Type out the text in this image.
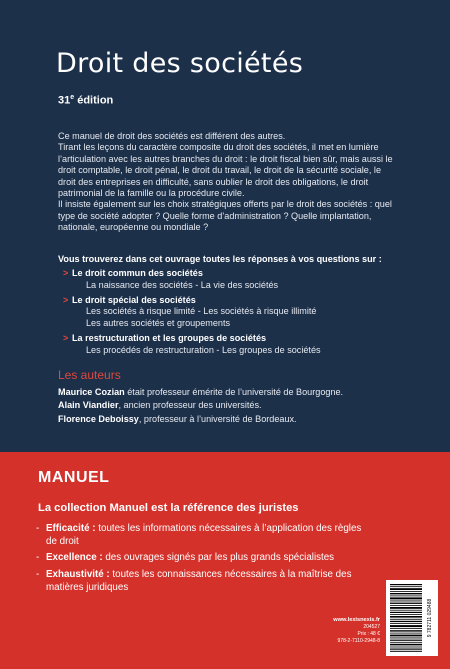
Droit des sociétés
31e édition

Ce manuel de droit des sociétés est différent des autres.

Tirant les leçons du caractère composite du droit des sociétés, il met en lumière l’articulation avec les autres branches du droit : le droit fiscal bien sûr, mais aussi le droit comptable, le droit pénal, le droit du travail, le droit de la sécurité sociale, le droit des entreprises en difficulté, sans oublier le droit des obligations, le droit patrimonial de la famille ou la procédure civile.

Il insiste également sur les choix stratégiques offerts par le droit des sociétés : quel type de société adopter ? Quelle forme d’administration ? Quelle implantation, nationale, européenne ou mondiale ?

Vous trouverez dans cet ouvrage toutes les réponses à vos questions sur :
> Le droit commun des sociétés
La naissance des sociétés - La vie des sociétés
> Le droit spécial des sociétés
Les sociétés à risque limité - Les sociétés à risque illimité
Les autres sociétés et groupements
> La restructuration et les groupes de sociétés
Les procédés de restructuration - Les groupes de sociétés
Les auteurs
Maurice Cozian était professeur émérite de l’université de Bourgogne.
Alain Viandier, ancien professeur des universités.
Florence Deboissy, professeur à l’université de Bordeaux.
MANUEL
La collection Manuel est la référence des juristes
- Efficacité : toutes les informations nécessaires à l’application des règles de droit
- Excellence : des ouvrages signés par les plus grands spécialistes
- Exhaustivité : toutes les connaissances nécessaires à la maîtrise des matières juridiques
www.lexisnexis.fr
204527
Prix : 48 €
978-2-7110-2948-8
9 782711 029488
